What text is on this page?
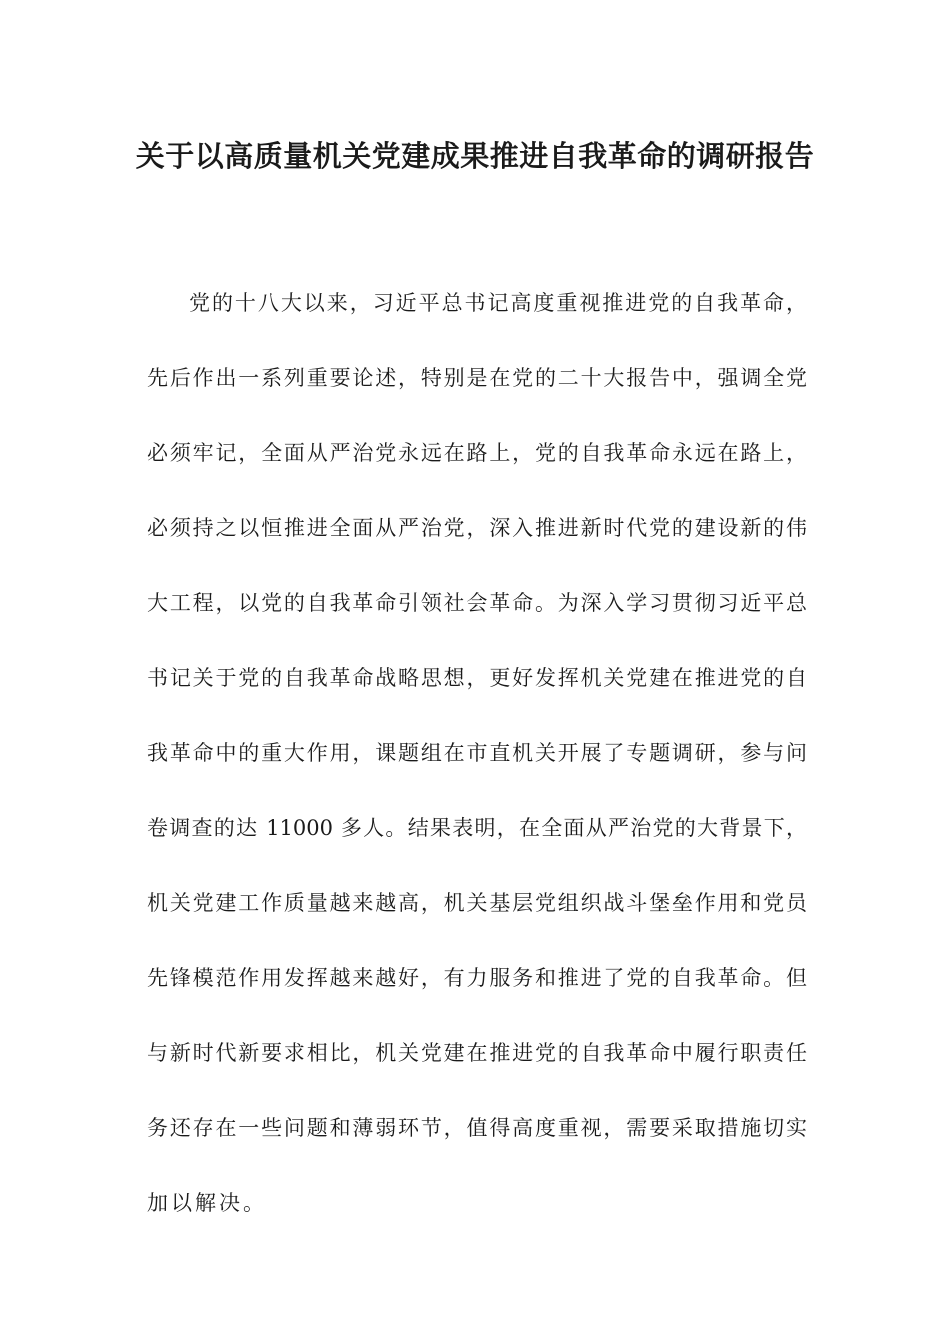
关于以高质量机关党建成果推进自我革命的调研报告
党的十八大以来，习近平总书记高度重视推进党的自我革命，
先后作出一系列重要论述，特别是在党的二十大报告中，强调全党
必须牢记，全面从严治党永远在路上，党的自我革命永远在路上，
必须持之以恒推进全面从严治党，深入推进新时代党的建设新的伟
大工程，以党的自我革命引领社会革命。为深入学习贯彻习近平总
书记关于党的自我革命战略思想，更好发挥机关党建在推进党的自
我革命中的重大作用，课题组在市直机关开展了专题调研，参与问
卷调查的达 11000 多人。结果表明，在全面从严治党的大背景下，
机关党建工作质量越来越高，机关基层党组织战斗堡垒作用和党员
先锋模范作用发挥越来越好，有力服务和推进了党的自我革命。但
与新时代新要求相比，机关党建在推进党的自我革命中履行职责任
务还存在一些问题和薄弱环节，值得高度重视，需要采取措施切实
加以解决。
